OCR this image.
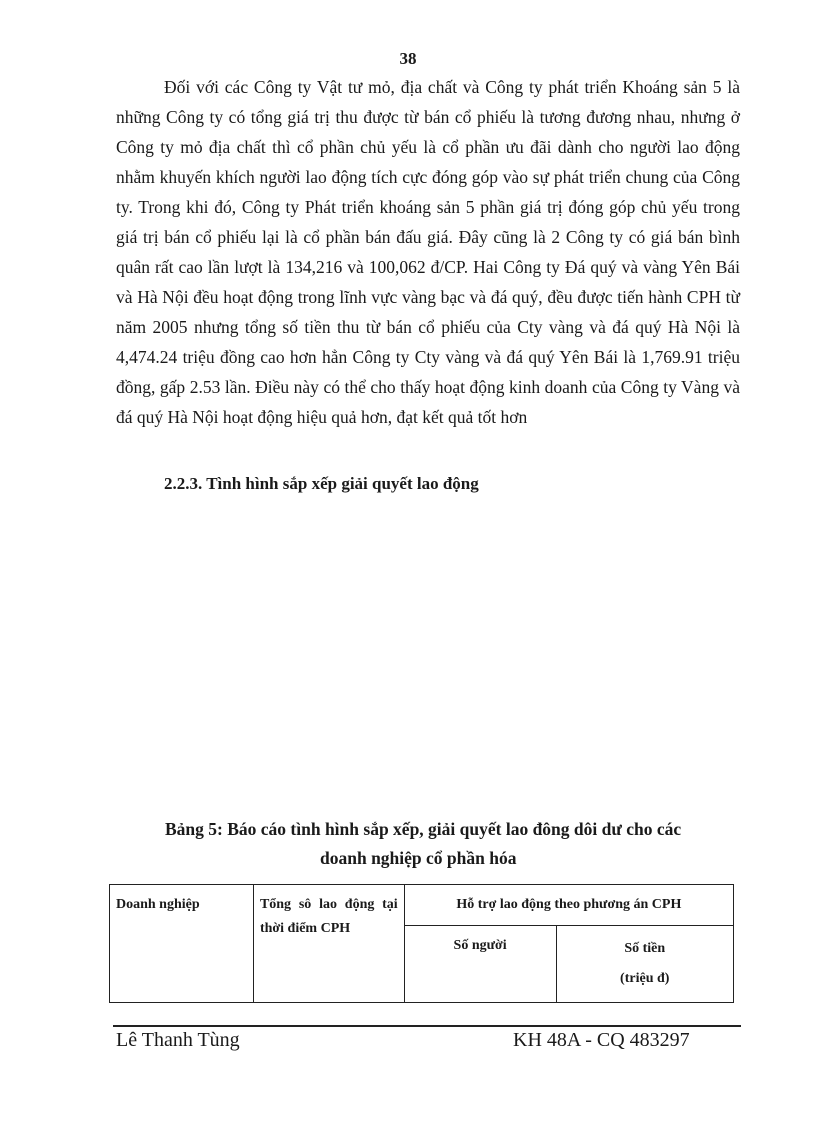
38

Đối với các Công ty Vật tư mỏ, địa chất và Công ty phát triển Khoáng sản 5 là những Công ty có tổng giá trị thu được từ bán cổ phiếu là tương đương nhau, nhưng ở Công ty mỏ địa chất thì cổ phần chủ yếu là cổ phần ưu đãi dành cho người lao động nhằm khuyến khích người lao động tích cực đóng góp vào sự phát triển chung của Công ty. Trong khi đó, Công ty Phát triển khoáng sản 5 phần giá trị đóng góp chủ yếu trong giá trị bán cổ phiếu lại là cổ phần bán đấu giá. Đây cũng là 2 Công ty có giá bán bình quân rất cao lần lượt là 134,216 và 100,062 đ/CP. Hai Công ty Đá quý và vàng Yên Bái và Hà Nội đều hoạt động trong lĩnh vực vàng bạc và đá quý, đều được tiến hành CPH từ năm 2005 nhưng tổng số tiền thu từ bán cổ phiếu của Cty vàng và đá quý Hà Nội là 4,474.24 triệu đồng cao hơn hẳn Công ty Cty vàng và đá quý Yên Bái là 1,769.91 triệu đồng, gấp 2.53 lần. Điều này có thể cho thấy hoạt động kinh doanh của Công ty Vàng và đá quý Hà Nội hoạt động hiệu quả hơn, đạt kết quả tốt hơn

2.2.3. Tình hình sắp xếp giải quyết lao động

Bảng 5: Báo cáo tình hình sắp xếp, giải quyết lao đông dôi dư cho các
doanh nghiệp cổ phần hóa

Doanh nghiệp	Tổng sô lao động tại thời điểm CPH	Hỗ trợ lao động theo phương án CPH	

		Số người	Số tiền
(triệu đ)
Lê Thanh Tùng	KH 48A - CQ 483297
